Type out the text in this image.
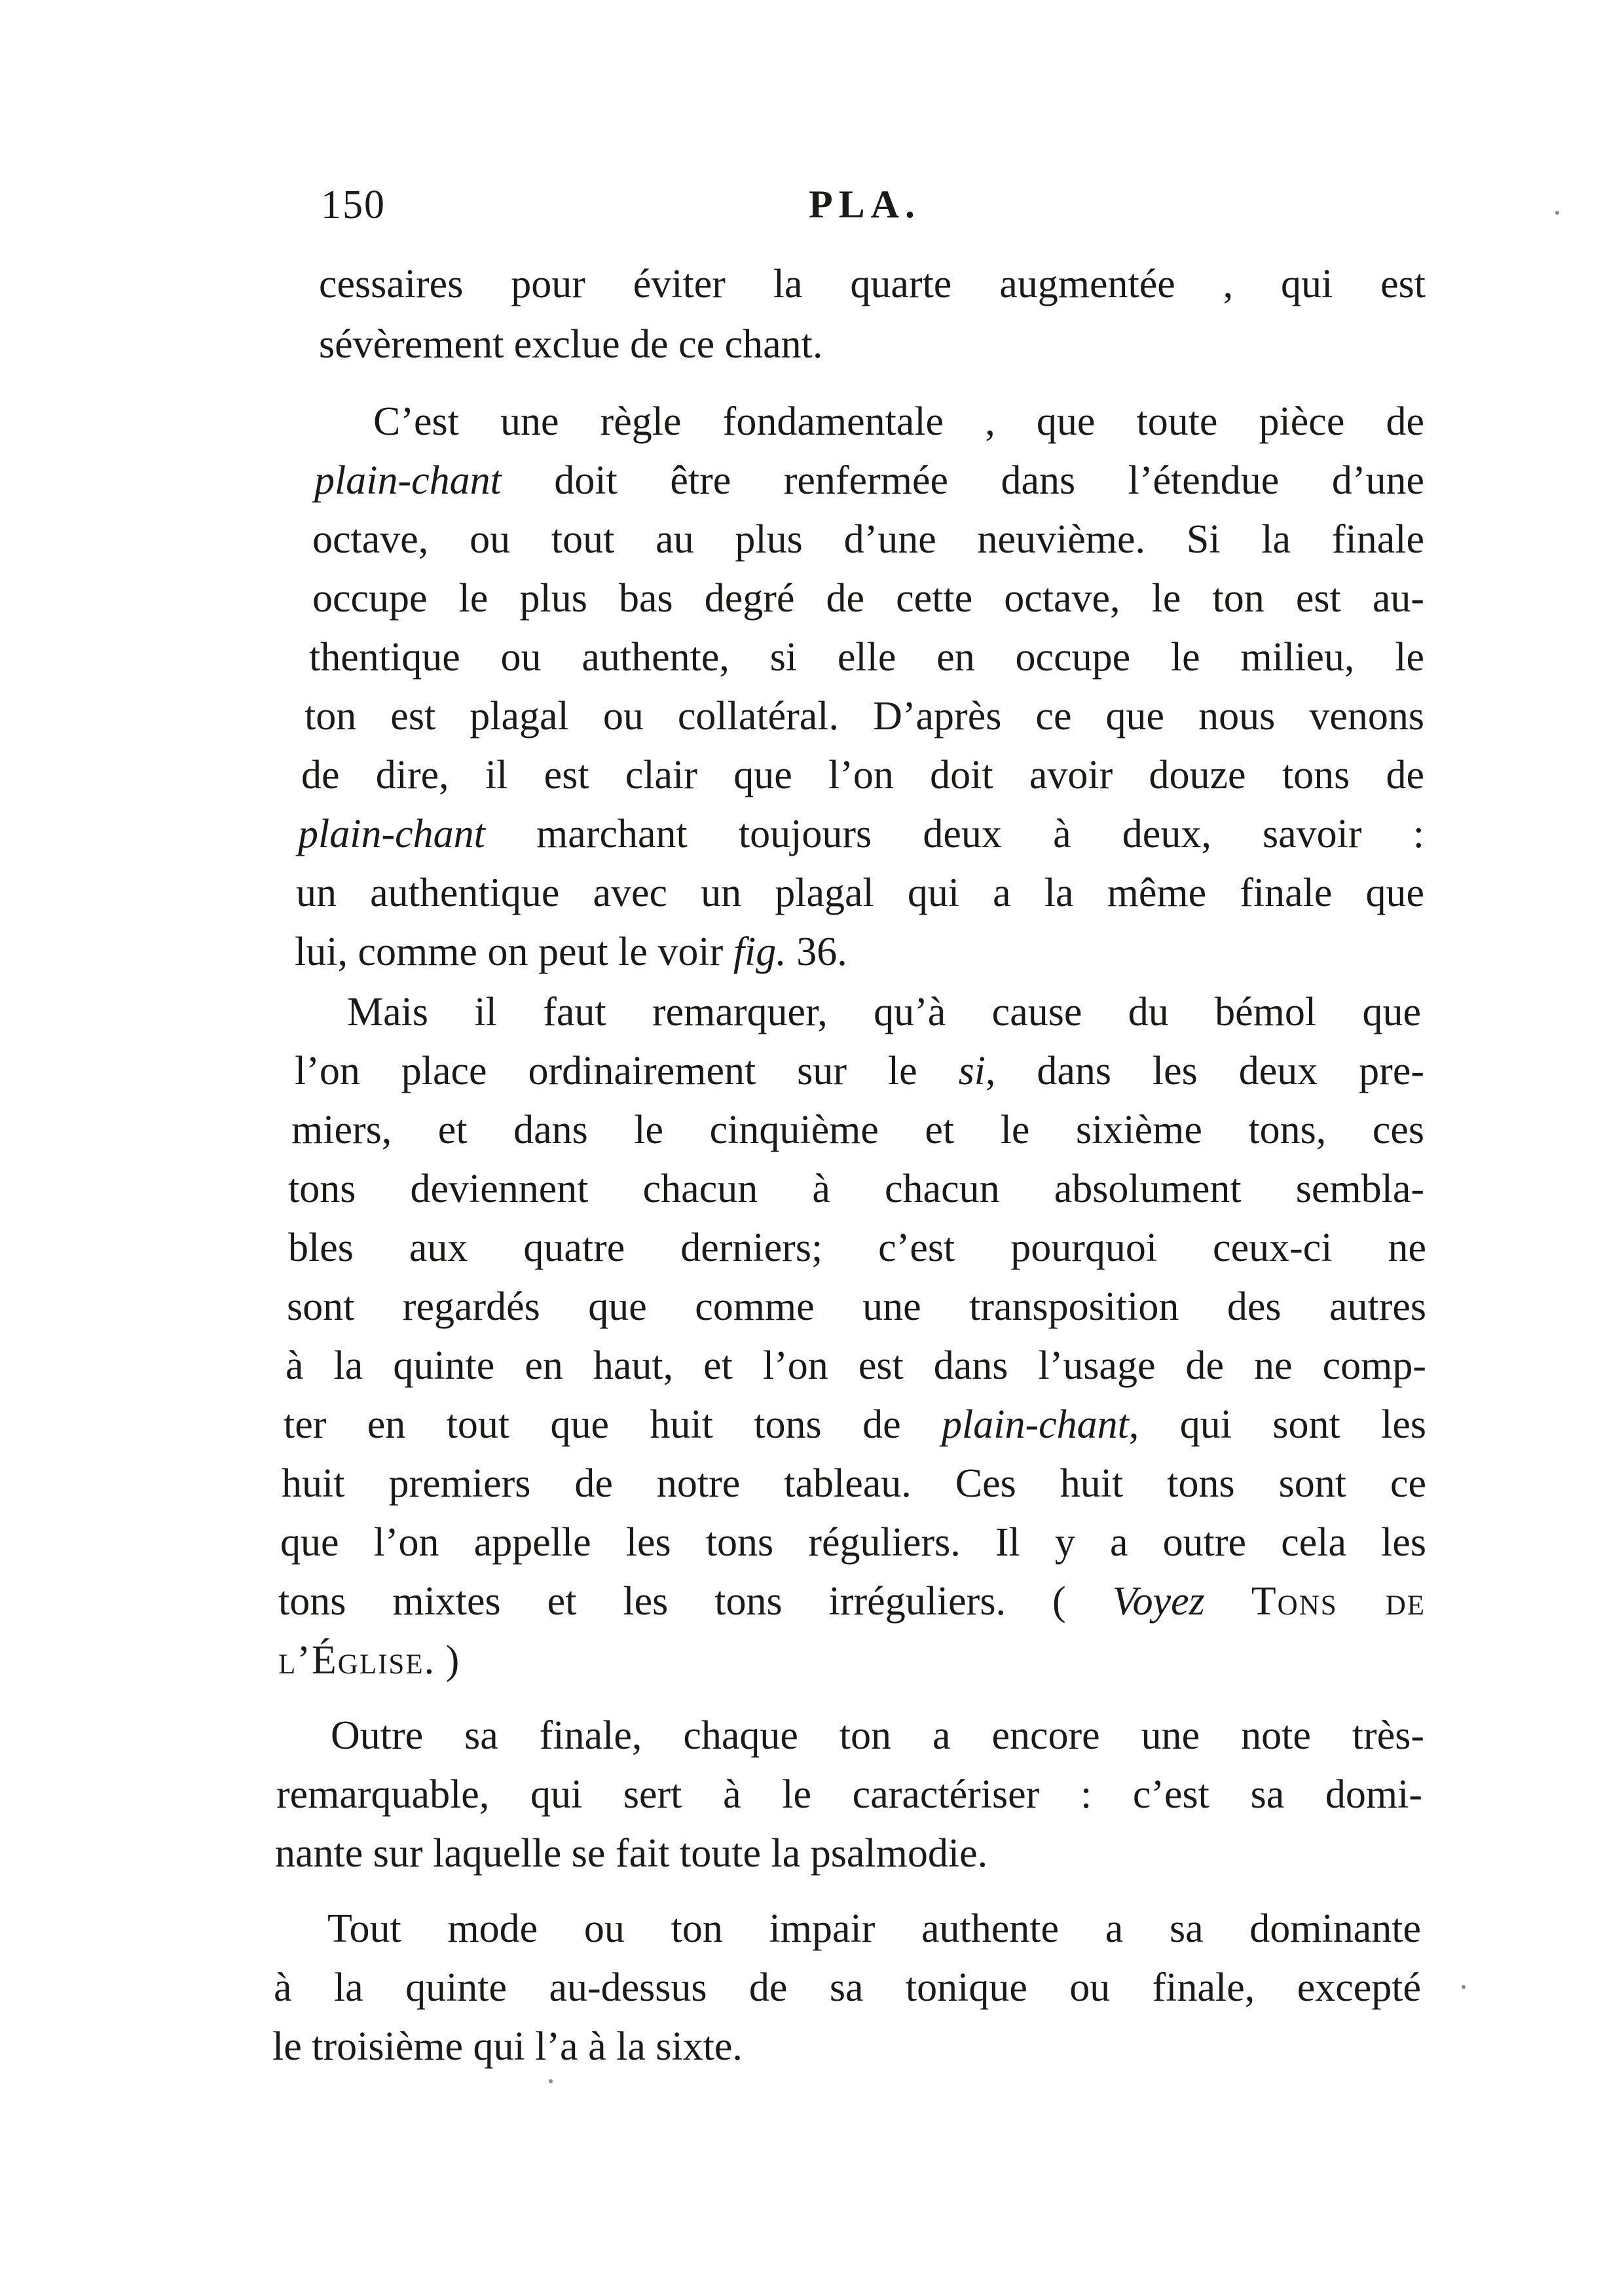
150	PLA.
cessaires pour éviter la quarte augmentée , qui est
sévèrement exclue de ce chant.
C’est une règle fondamentale , que toute pièce de
plain-chant doit être renfermée dans l’étendue d’une
octave, ou tout au plus d’une neuvième. Si la finale
occupe le plus bas degré de cette octave, le ton est au-
thentique ou authente, si elle en occupe le milieu, le
ton est plagal ou collatéral. D’après ce que nous venons
de dire, il est clair que l’on doit avoir douze tons de
plain-chant marchant toujours deux à deux, savoir :
un authentique avec un plagal qui a la même finale que
lui, comme on peut le voir fig. 36.
Mais il faut remarquer, qu’à cause du bémol que
l’on place ordinairement sur le si, dans les deux pre-
miers, et dans le cinquième et le sixième tons, ces
tons deviennent chacun à chacun absolument sembla-
bles aux quatre derniers; c’est pourquoi ceux-ci ne
sont regardés que comme une transposition des autres
à la quinte en haut, et l’on est dans l’usage de ne comp-
ter en tout que huit tons de plain-chant, qui sont les
huit premiers de notre tableau. Ces huit tons sont ce
que l’on appelle les tons réguliers. Il y a outre cela les
tons mixtes et les tons irréguliers. ( Voyez Tons de
l’Église. )
Outre sa finale, chaque ton a encore une note très-
remarquable, qui sert à le caractériser : c’est sa domi-
nante sur laquelle se fait toute la psalmodie.
Tout mode ou ton impair authente a sa dominante
à la quinte au-dessus de sa tonique ou finale, excepté
le troisième qui l’a à la sixte.
